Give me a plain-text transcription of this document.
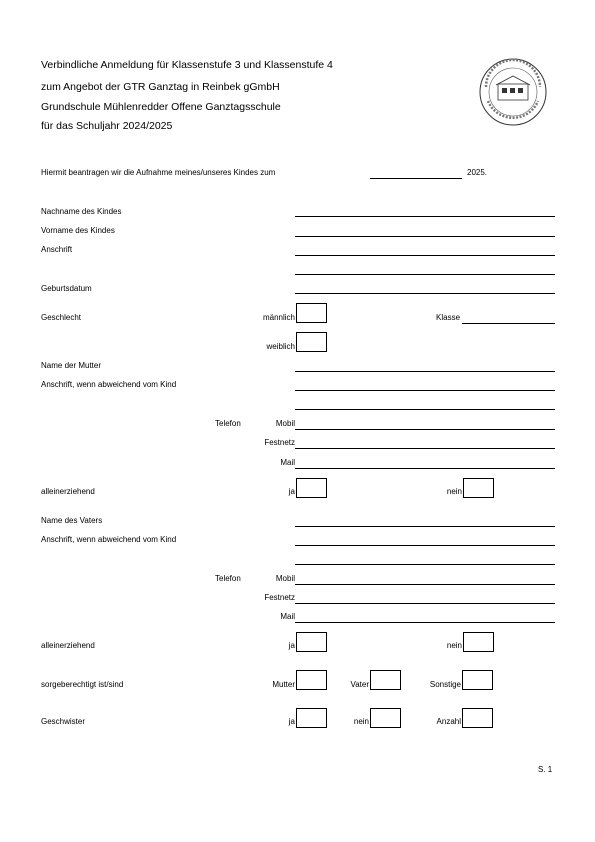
Verbindliche Anmeldung für Klassenstufe 3 und Klassenstufe 4
zum Angebot der GTR Ganztag in Reinbek gGmbH
Grundschule Mühlenredder Offene Ganztagsschule
für das Schuljahr 2024/2025
Hiermit beantragen wir die Aufnahme meines/unseres Kindes zum	2025.
Nachname des Kindes
Vorname des Kindes
Anschrift
Geburtsdatum
Geschlecht	männlich	Klasse
weiblich
Name der Mutter
Anschrift, wenn abweichend vom Kind
Telefon	Mobil
Festnetz
Mail
alleinerziehend	ja	nein
Name des Vaters
Anschrift, wenn abweichend vom Kind
Telefon	Mobil
Festnetz
Mail
alleinerziehend	ja	nein
sorgeberechtigt ist/sind	Mutter	Vater	Sonstige
Geschwister	ja	nein	Anzahl
S. 1
